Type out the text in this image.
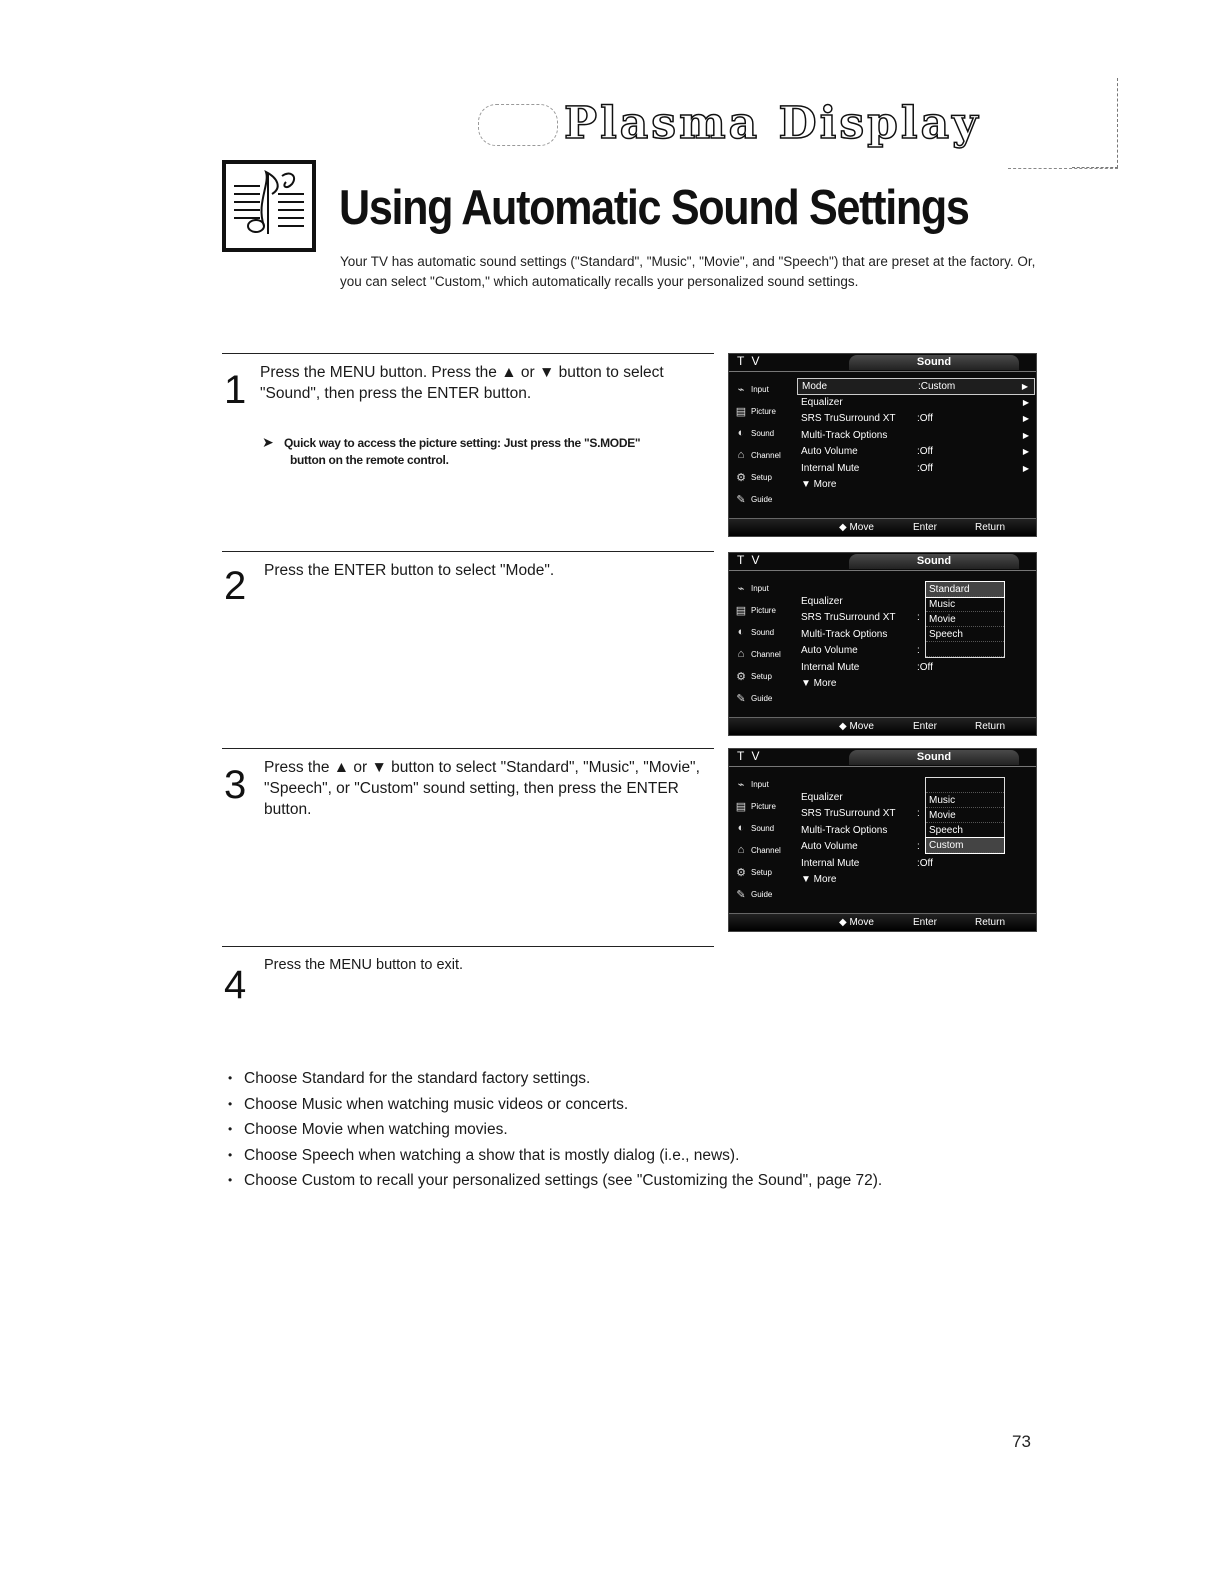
Plasma Display
Using Automatic Sound Settings

Your TV has automatic sound settings ("Standard", "Music", "Movie", and "Speech") that are preset at the factory. Or, you can select "Custom," which automatically recalls your personalized sound settings.

1 Press the MENU button. Press the ▲ or ▼ button to select "Sound", then press the ENTER button.
➤ Quick way to access the picture setting: Just press the "S.MODE"
button on the remote control.
2 Press the ENTER button to select "Mode".
3 Press the ▲ or ▼ button to select "Standard", "Music", "Movie", "Speech", or "Custom" sound setting, then press the ENTER button.
4 Press the MENU button to exit.
T V	Sound
⌁ Input
▤ Picture
◐ Sound
⌂ Channel
⚙ Setup
✎ Guide
Mode	:Custom	▶
Equalizer	▶
SRS TruSurround XT :Off	▶
Multi-Track Options	▶
Auto Volume	:Off	▶
Internal Mute	:Off	▶
▼ More
◆ Move	Enter	Return
T V	Sound
⌁ Input
▤ Picture
◐ Sound
⌂ Channel
⚙ Setup
✎ Guide
Equalizer
SRS TruSurround XT :
Multi-Track Options
Auto Volume	:
Internal Mute	:Off
▼ More
Standard
Music
Movie
Speech
◆ Move	Enter	Return
T V	Sound
⌁ Input
▤ Picture
◐ Sound
⌂ Channel
⚙ Setup
✎ Guide
Equalizer
SRS TruSurround XT :
Multi-Track Options
Auto Volume	:
Internal Mute	:Off
▼ More
Music
Movie
Speech
Custom
◆ Move	Enter	Return
• Choose Standard for the standard factory settings.
• Choose Music when watching music videos or concerts.
• Choose Movie when watching movies.
• Choose Speech when watching a show that is mostly dialog (i.e., news).
• Choose Custom to recall your personalized settings (see "Customizing the Sound", page 72).
73
